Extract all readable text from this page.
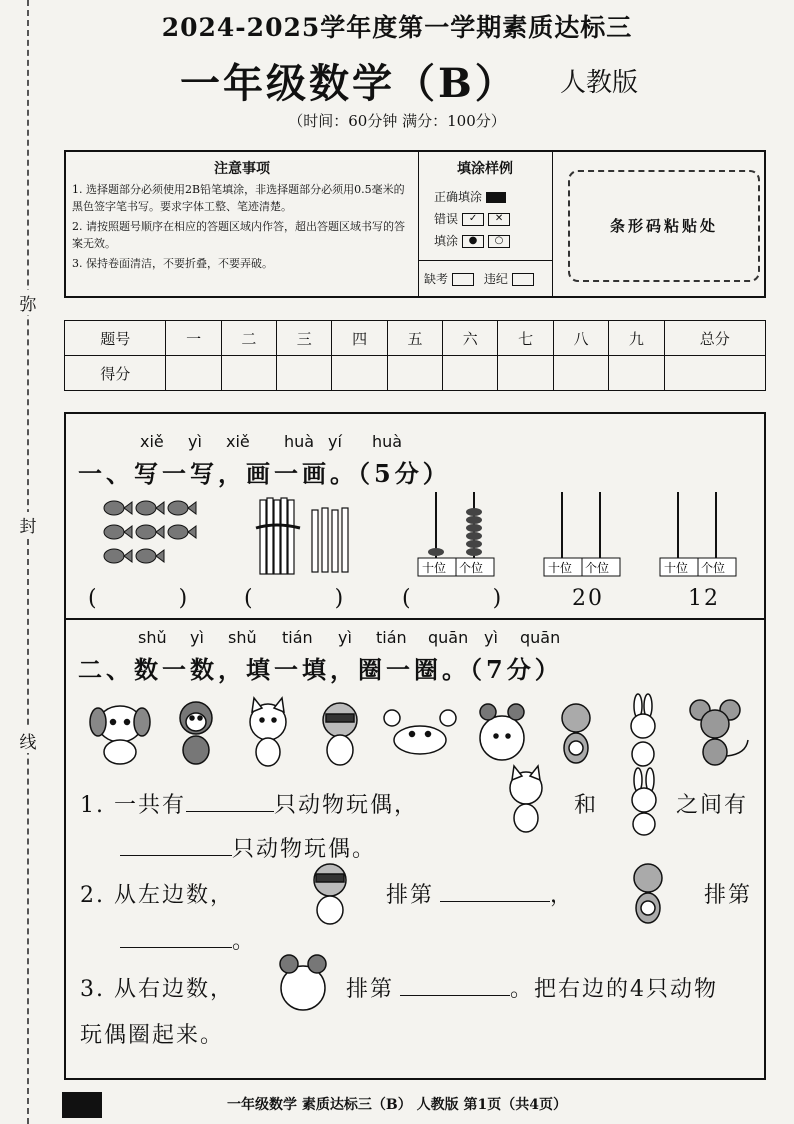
弥
封
线
2024-2025学年度第一学期素质达标三
一年级数学（B） 人教版
（时间：60分钟 满分：100分）
注意事项

1. 选择题部分必须使用2B铅笔填涂，非选择题部分必须用0.5毫米的黑色签字笔书写。要求字体工整、笔迹清楚。

2. 请按照题号顺序在相应的答题区域内作答，超出答题区域书写的答案无效。

3. 保持卷面清洁，不要折叠，不要弄破。

填涂样例
正确填涂
错误 ✓ ✕
填涂 ● ○
缺考	违纪
条形码粘贴处
题号	一	二	三	四	五	六	七	八	九	总分
得分										
xiě yì xiě huà yí huà
一、写一写，画一画。（5分）
十位 个位	十位 个位	十位 个位
(	)	(	)	(	)	20	12
shǔ yì shǔ tián yì tián quān yì quān
二、数一数，填一填，圈一圈。（7分）
1. 一共有	只动物玩偶，	和	之间有
只动物玩偶。
2. 从左边数，	排第	，	排第
。
3. 从右边数，	排第	。把右边的4只动物
玩偶圈起来。
一年级数学 素质达标三（B） 人教版 第1页（共4页）
